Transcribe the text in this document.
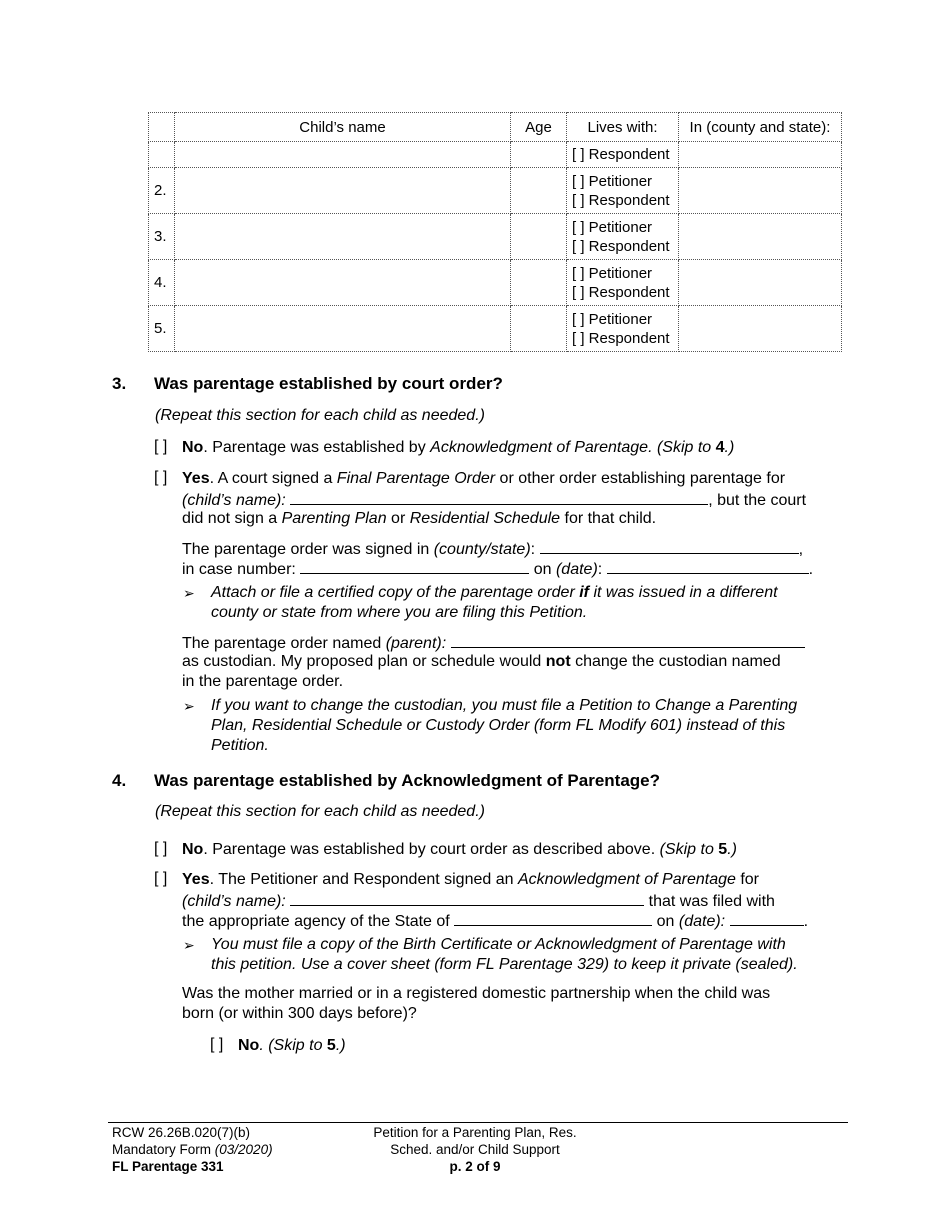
	Child’s name	Age	Lives with:	In (county and state):

			[ ] Respondent	

2.			[ ] Petitioner
[ ] Respondent	

3.			[ ] Petitioner
[ ] Respondent	

4.			[ ] Petitioner
[ ] Respondent	

5.			[ ] Petitioner
[ ] Respondent	

3. Was parentage established by court order?
(Repeat this section for each child as needed.)
[ ] No. Parentage was established by Acknowledgment of Parentage. (Skip to 4.)
[ ] Yes. A court signed a Final Parentage Order or other order establishing parentage for
(child’s name):	, but the court
did not sign a Parenting Plan or Residential Schedule for that child.
The parentage order was signed in (county/state):	,
in case number:	on (date):	.
➢ Attach or file a certified copy of the parentage order if it was issued in a different
county or state from where you are filing this Petition.
The parentage order named (parent):
as custodian. My proposed plan or schedule would not change the custodian named
in the parentage order.
➢ If you want to change the custodian, you must file a Petition to Change a Parenting
Plan, Residential Schedule or Custody Order (form FL Modify 601) instead of this
Petition.
4. Was parentage established by Acknowledgment of Parentage?
(Repeat this section for each child as needed.)
[ ] No. Parentage was established by court order as described above. (Skip to 5.)
[ ] Yes. The Petitioner and Respondent signed an Acknowledgment of Parentage for
(child’s name):	that was filed with
the appropriate agency of the State of	on (date):	.
➢ You must file a copy of the Birth Certificate or Acknowledgment of Parentage with
this petition. Use a cover sheet (form FL Parentage 329) to keep it private (sealed).
Was the mother married or in a registered domestic partnership when the child was
born (or within 300 days before)?
[ ] No. (Skip to 5.)
RCW 26.26B.020(7)(b)
Mandatory Form (03/2020)
FL Parentage 331
Petition for a Parenting Plan, Res.
Sched. and/or Child Support
p. 2 of 9
